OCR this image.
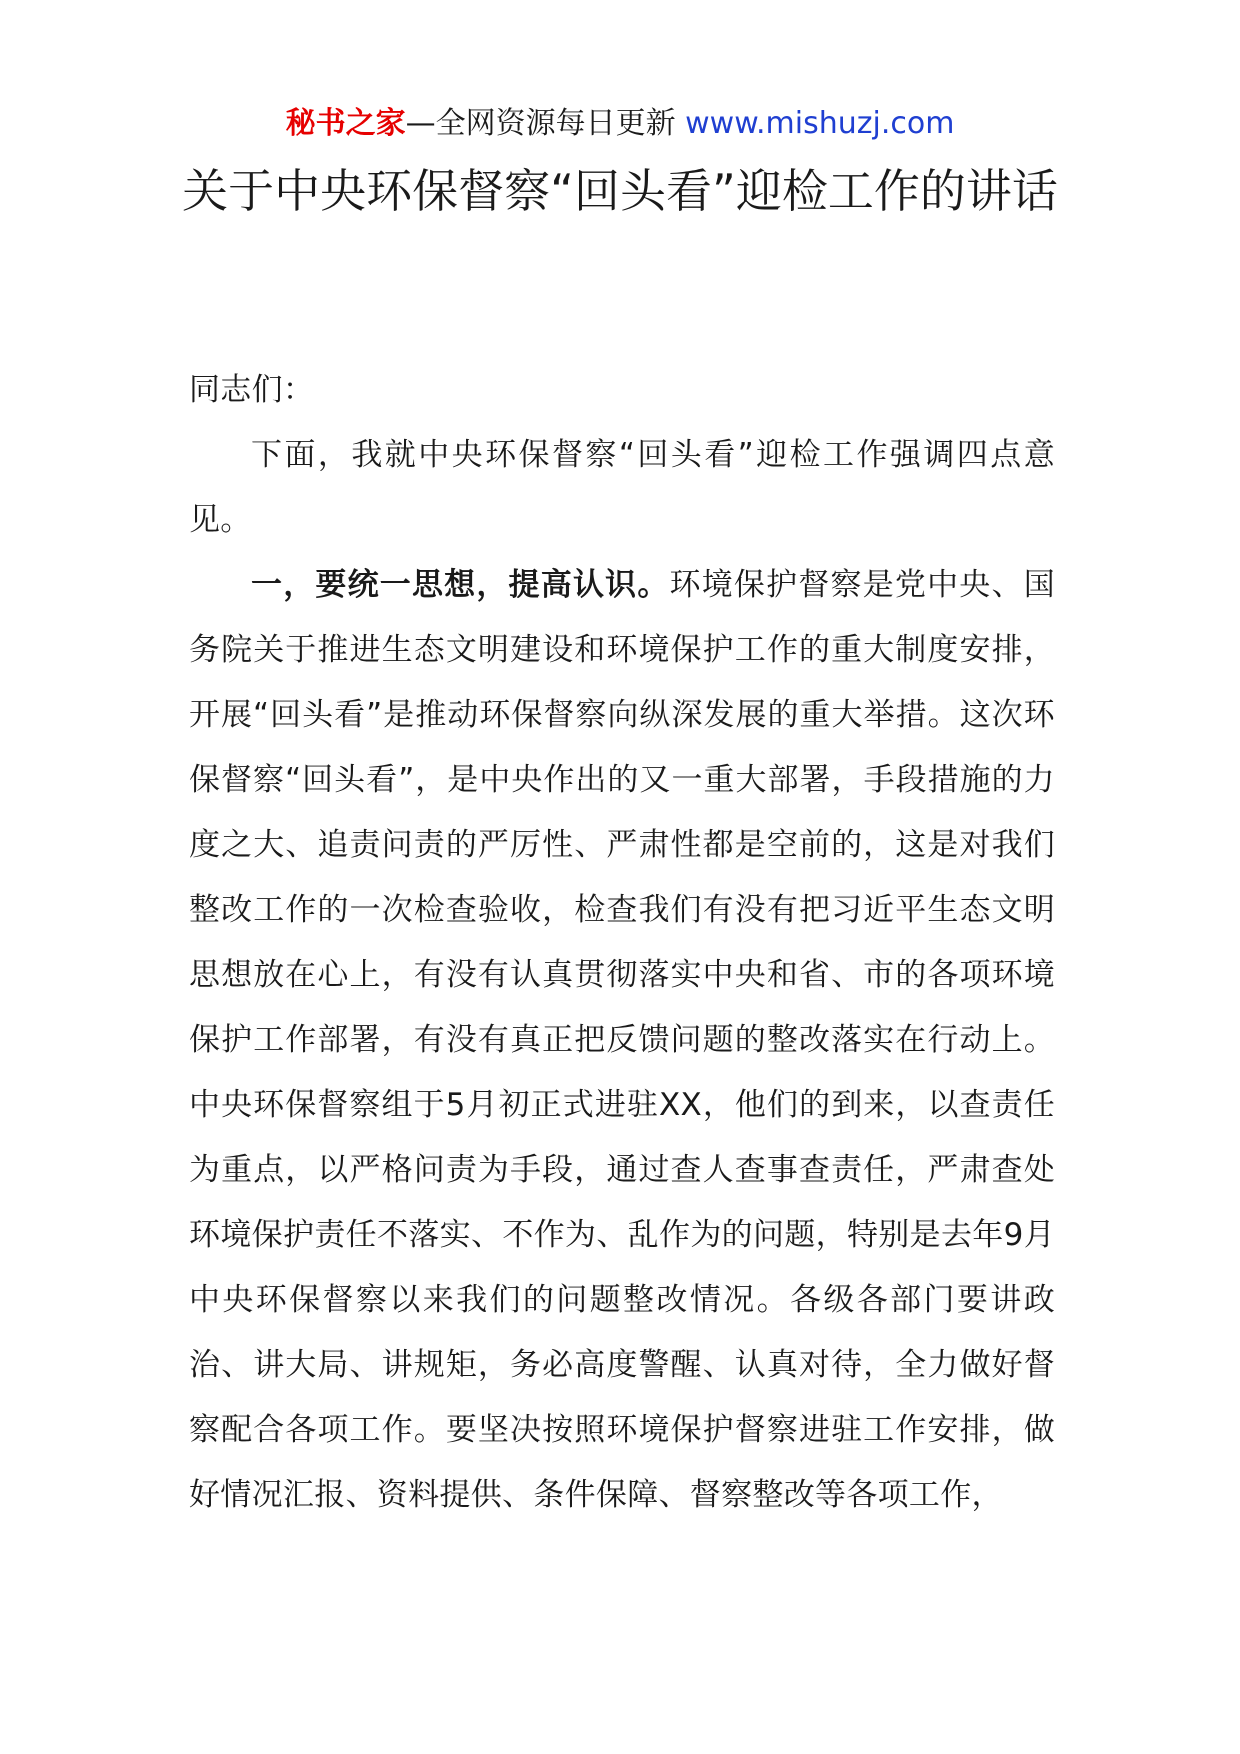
秘书之家—全网资源每日更新 www.mishuzj.com
关于中央环保督察“回头看”迎检工作的讲话

同志们：

下面，我就中央环保督察“回头看”迎检工作强调四点意见。

一，要统一思想，提高认识。环境保护督察是党中央、国务院关于推进生态文明建设和环境保护工作的重大制度安排，开展“回头看”是推动环保督察向纵深发展的重大举措。这次环保督察“回头看”，是中央作出的又一重大部署，手段措施的力度之大、追责问责的严厉性、严肃性都是空前的，这是对我们整改工作的一次检查验收，检查我们有没有把习近平生态文明思想放在心上，有没有认真贯彻落实中央和省、市的各项环境保护工作部署，有没有真正把反馈问题的整改落实在行动上。中央环保督察组于5月初正式进驻XX，他们的到来，以查责任为重点，以严格问责为手段，通过查人查事查责任，严肃查处环境保护责任不落实、不作为、乱作为的问题，特别是去年9月中央环保督察以来我们的问题整改情况。各级各部门要讲政治、讲大局、讲规矩，务必高度警醒、认真对待，全力做好督察配合各项工作。要坚决按照环境保护督察进驻工作安排，做好情况汇报、资料提供、条件保障、督察整改等各项工作，
